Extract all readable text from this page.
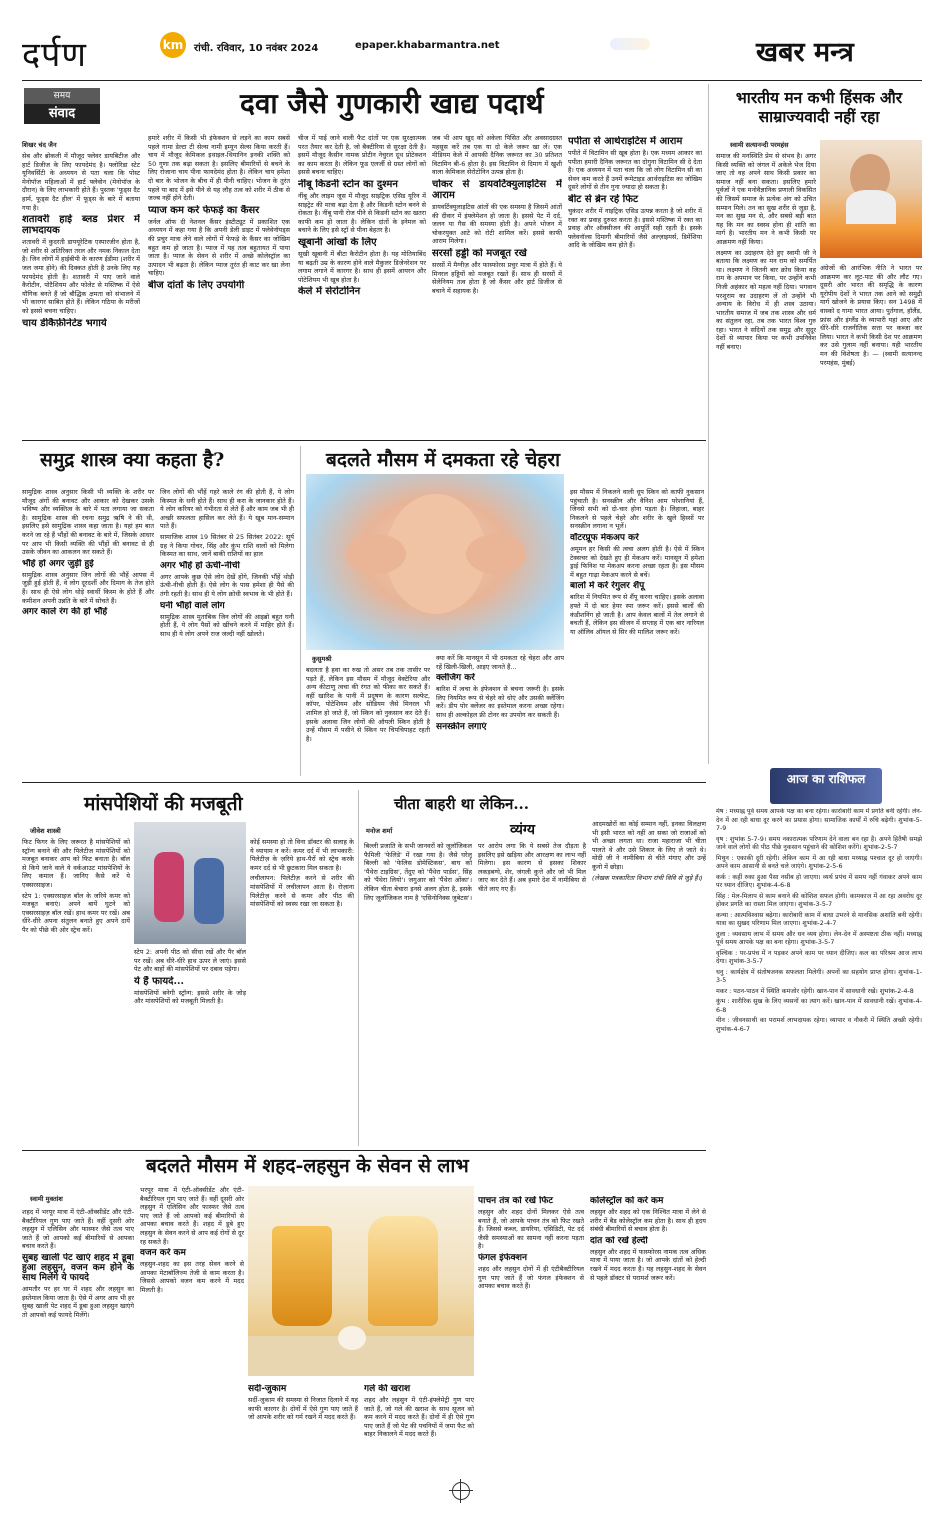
दर्पण	km रांची. रविवार, 10 नवंबर 2024	epaper.khabarmantra.net	खबर मन्त्र
समय
संवाद	दवा जैसे गुणकारी खाद्य पदार्थ
शिखर चंद जैन

सेब और ब्रोकली में मौजूद फ्लेवर डायबिटीज और हार्ट डिजीज के लिए फायदेमंद है। फ्लोरिडा स्टेट यूनिवर्सिटी के अध्ययन से पता चला कि पोस्ट मेनोपॉज महिलाओं में हार्ट फ्लेवोन (मेनोपॉज के दौरान) के लिए लाभकारी होते हैं। पुस्तक 'फूड्स दैट हार्म, फूड्स दैट हील' में फूड्स के बारे में बताया गया है।

शतावरी हाई ब्लड प्रेशर में लाभदायक

शतावरी में कुदरती डाययूरेटिक एस्पारजीन होता है, जो शरीर से अतिरिक्त तरल और नमक निकाल देता है। जिन लोगों में हाईबीपी के कारण ईडीमा (शरीर में जल जमा होने) की दिक्कत होती है उनके लिए यह फायदेमंद होती है। शतावरी में पाए जाने वाले कैरोटीन, पोटैशियम और फोलेट से मस्तिष्क में ऐसे यौगिक बनते हैं जो बौद्धिक क्षमता को संभालने में भी कारगर साबित होते हैं। लेकिन गठिया के मरीजों को इससे बचना चाहिए।

चाय डीकैफ़ीनेटेड भगाये

हमारे शरीर में किसी भी इंफेक्शन से लड़ने का काम सबसे पहले गामा डेल्टा टी सेल्स नामी इम्यून सेल्स किया करती हैं। चाय में मौजूद केमिकल इथाइल-थियानिन इनकी शक्ति को 50 गुणा तक बढ़ा सकता है। इसलिए बीमारियों से बचने के लिए रोजाना चाय पीना फायदेमंद होता है। लेकिन चाय हमेशा दो बार के भोजन के बीच में ही पीनी चाहिए। भोजन के तुरंत पहले या बाद में इसे पीने से यह लौह तत्व को शरीर में ठीक से जज्ब नहीं होने देती।

प्याज कम करे फेफड़े का कैंसर

जर्नल ऑफ दी नेशनल कैंसर इंस्टीट्यूट में प्रकाशित एक अध्ययन में कहा गया है कि अपनी डेली डाइट में फ्लेवेनॉयड्स की प्रचुर मात्रा लेने वाले लोगों में फेफड़े के कैंसर का जोखिम बहुत कम हो जाता है। प्याज में यह तत्व बहुतायत में पाया जाता है। प्याज के सेवन से शरीर में अच्छे कोलेस्ट्रॉल का उत्पादन भी बढ़ता है। लेकिन प्याज तुरंत ही काट कर खा लेना चाहिए।

बीज दांतों के लिए उपयोगी

चीज में पाई जाने वाली फैट दांतों पर एक सुरक्षात्मक परत तैयार कर देती है, जो बैक्टीरिया से सुरक्षा देती है। इसमें मौजूद कैसीन नामक प्रोटीन नेचुरल दूथ प्रोटेक्शन का काम करता है। लेकिन फूड एलर्जी से ग्रस्त लोगों को इससे बचना चाहिए।

नींबू किडनी स्टोन का दुश्मन

नींबू और लाइम जूस में मौजूद साइट्रिक एसिड यूरिन में साइट्रेट की मात्रा बढ़ा देता है और किडनी स्टोन बनने से रोकता है। नींबू पानी रोज पीने से किडनी स्टोन का खतरा काफी कम हो जाता है। लेकिन दांतों के इनेमल को बचाने के लिए इसे स्ट्रॉ से पीना बेहतर है।

खूबानी आंखों के लिए

सूखी खूबानी में बीटा कैरोटीन होता है। यह मोतियाबिंद या बढ़ती उम्र के कारण होने वाले मैकुलर डिजेनरेशन पर लगाम लगाने में कारगर है। साथ ही इसमें आयरन और पोटेशियम भी खूब होता है।

केले में सेरोटोनिन

जब भी आप खुद को अकेला पिसित और अवसादग्रस्त महसूस करें तब एक या दो केले जरूर खा लें। एक मीडियम केले में आपकी दैनिक जरूरत का 30 प्रतिशत विटामिन बी-6 होता है। इस विटामिन से दिमाग में खुशी वाला केमिकल सेरोटोनिन उत्पन्न होता है।

चोकर से डायवर्टिक्युलाइटिस में आराम

डायवर्टिक्युलाइटिस आंतों की एक समस्या है जिसमें आंतों की दीवार में इंफ्लेमेशन हो जाता है। इससे पेट में दर्द, जलन या गैस की समस्या होती है। अपने भोजन में चोकरयुक्त आटे को रोटी शामिल करें। इससे काफी आराम मिलेगा।

सरसों हड्डी को मजबूत रखे

सरसों में मैग्नीज़ और फास्फोरस प्रचुर मात्रा में होते हैं। ये मिनरल हड्डियों को मजबूत रखते हैं। साथ ही सरसों में सेलेनियम तत्व होता है जो कैंसर और हार्ट डिजीज से बचाने में सहायक है।

पपीता से आर्थराइटिस में आराम

पपीते में विटामिन सी खूब होता है। एक मध्यम आकार का पपीता हमारी दैनिक जरूरत का दोगुना विटामिन सी दे देता है। एक अध्ययन में पता चला कि जो लोग विटामिन सी का सेवन कम करते हैं उनमें रूमेटाइड आर्थराइटिस का जोखिम दूसरे लोगों से तीन गुना ज्यादा हो सकता है।

बीट से ब्रेन रहे फिट

चुकंदर शरीर में नाइट्रिक एसिड उत्पन्न करता है जो शरीर में रक्त का प्रवाह दुरुस्त करता है। इससे मस्तिष्क में रक्त का प्रवाह और ऑक्सीजन की आपूर्ति सही रहती है। इसके फ्लेवनॉल्स दिमागी बीमारियों जैसे अल्ज़ाइमर्स, डिमेंशिया आदि के जोखिम कम होते हैं।

भारतीय मन कभी हिंसक और साम्राज्यवादी नहीं रहा
स्वामी सत्यानन्दी परमहंस

समाज की मनस्थिति प्रेम से संभव है। अगर किसी व्यक्ति को जंगल में अकेले भेज दिया जाए तो वह अपने साथ किसी प्रकार का समाज नहीं बना सकता। इसलिए हमारे पूर्वजों ने एक मनोवैज्ञानिक प्रणाली विकसित की जिसमें समाज के प्रत्येक अंग को उचित सम्मान मिले। तन का सुख शरीर से जुड़ा है, मन का सुख मन से, और सबसे बड़ी बात यह कि मन का स्वस्थ होना ही शांति का मार्ग है। भारतीय मन ने कभी किसी पर आक्रमण नहीं किया।

लक्ष्मण का उदाहरण देते हुए स्वामी जी ने बताया कि लक्ष्मण का मन राम को समर्पित था। लक्ष्मण ने जितनी बार क्रोध किया वह राम के अपमान पर किया, पर उन्होंने कभी निजी अहंकार को महत्व नहीं दिया। भगवान परशुराम का उदाहरण लें तो उन्होंने भी अन्याय के विरोध में ही शस्त्र उठाया। भारतीय समाज में जब तक शास्त्र और धर्म का संतुलन रहा, तब तक भारत विश्व गुरु रहा। भारत ने सदियों तक समुद्र और सुदूर देशों से व्यापार किया पर कभी उपनिवेश नहीं बनाए।

अंग्रेजों की आरंभिक नीति ने भारत पर आक्रमण कर लूट-पाट की और लौट गए। दूसरी ओर भारत की समृद्धि के कारण यूरोपीय देशों ने भारत तक आने को समुद्री मार्ग खोजने के प्रयास किए। सन 1498 में वास्को द गामा भारत आया। पुर्तगाल, हॉलैंड, फ्रांस और इंग्लैंड के व्यापारी यहां आए और धीरे-धीरे राजनीतिक सत्ता पर कब्जा कर लिया। भारत ने कभी किसी देश पर आक्रमण कर उसे गुलाम नहीं बनाया। यही भारतीय मन की विशेषता है। — (स्वामी सत्यानन्द परमहंस, मुंबई)

समुद्र शास्त्र क्या कहता है?

सामुद्रिक शास्त्र अनुसार किसी भी व्यक्ति के शरीर पर मौजूद अंगों की बनावट और आकार को देखकर उसके भविष्य और व्यक्तित्व के बारे में पता लगाया जा सकता है। सामुद्रिक शास्त्र की रचना समुद्र ऋषि ने की थी, इसलिए इसे सामुद्रिक शास्त्र कहा जाता है। यहां हम बात करने जा रहे हैं भौंहों की बनावट के बारे में, जिसके आधार पर आप भी किसी व्यक्ति की भौंहों की बनावट से ही उसके जीवन का आकलन कर सकते हैं।

भौंहें हों अगर जुड़ी हुई

सामुद्रिक शास्त्र अनुसार जिन लोगों की भौहें आपस में जुड़ी हुई होती हैं, वे लोग दूरदर्शी और दिमाग के तेज होते हैं। साथ ही ऐसे लोग थोड़े स्वार्थी किस्म के होते हैं और कमीशन अपनी उन्नति के बारे में सोचते हैं।

अगर काले रंग की हों भौंहें

जिन लोगों की भौंहें गहरे काले रंग की होती हैं, ये लोग किस्मत के धनी होते हैं। साथ ही करा के जानकार होते हैं। ये लोग करियर को गंभीरता से लेते हैं और काम जब भी ही अच्छी सफलता हासिल कर लेते हैं। ये खूब मान-सम्मान पाते हैं।

सामाजिक शास्त्र 19 सितंबर से 25 सितंबर 2022: सूर्य ग्रह ने किया गोचर, सिंह और कुंभ राशि वालों को मिलेगा किस्मत का साथ, जानें बाकी राशियों का हाल

अगर भौंहें हों ऊंची-नीची

अगर आपके कुछ ऐसे लोग देखें होंगे, जिनकी भौंहें थोड़ी ऊंची-नीची होती हैं। ऐसे लोग के पास हमेशा ही पैसे की तंगी रहती है। साथ ही ये लोग क्रोधी स्वभाव के भी होते हैं।

घनी भौंहों वाले लोग

सामुद्रिक शास्त्र मुताबिक जिन लोगों की आइब्रो बहुत घनी होती हैं, ये लोग पैसों को खींचने करने में माहिर होते हैं। साथ ही ये लोग अपने राज जल्दी नहीं खोलते।

बदलते मौसम में दमकता रहे चेहरा
कुसुमश्री

बदलता है हवा का रुख तो असर तब तक तासीर पर पड़ते हैं, लेकिन इस मौसम में मौजूद वेक्टेरिया और अन्य कीटाणु त्वचा की रंगत को फीका कर सकते हैं। वहीं खारिश के पानी में प्रदूषण के कारण सल्फेट, कॉपर, पोटेशियम और सोडियम जैसे मिनरल भी शामिल हो जाते हैं, जो स्किन को नुकसान कर देते हैं। इसके अलावा जिन लोगों की ऑयली स्किन होती है उन्हें मौसम में पसीने से स्किन पर चिपचिपाहट रहती है।

क्या करें कि मानसून में भी दमकता रहे चेहरा और आप रहें खिली-खिली, आइए जानते हैं...

क्लेंजिंग करें

बारिश में त्वचा के इंफेक्शन से बचना जरूरी है। इसके लिए नियमित रूप से चेहरे को धोएं और उसकी क्लेंजिंग करें। डीप पोर क्लेंजर का इस्तेमाल करना अच्छा रहेगा। साथ ही अल्कोहल फ्री टोनर का उपयोग कर सकती हैं।

सनस्क्रीन लगाएं

इस मौसम में निकलने वाली धूप स्किन को काफी नुकसान पहुंचाती है। सनस्क्रीन और वैनिश आम परेशानियां हैं, जिनसे सभी को दो-चार होना पड़ता है। लिहाजा, बाहर निकलने से पहले चेहरे और शरीर के खुले हिस्सों पर सनस्क्रीन लगाना न भूलें।

वॉटरप्रूफ मेकअप करें

अमूमन हर किसी की त्वचा अलग होती है। ऐसे में स्किन टेक्सचर को देखते हुए ही मेकअप करें। मानसून में हमेशा ड्राई फिनिश या मेकअप करना अच्छा रहता है। इस मौसम में बहुत गाढ़ा मेकअप करने से बचें।

बालों में करें रेगुलर शैंपू

बारिश में नियमित रूप से शैंपू करना चाहिए। इसके अलावा हफ्ते में दो बार हेयर स्पा जरूर करें। इससे बालों की कंडीशनिंग हो जाती है। आप केवल बालों में तेल लगाने से बचती हैं, लेकिन इस सीजन में सप्ताह में एक बार नारियल या ऑलिव ऑयल से सिर की मालिश जरूर करें।

आज का राशिफल

मेष : मध्याह्न पूर्व समय आपके पक्ष का बना रहेगा। कारोबारी काम में प्रगति बनी रहेगी। लेन-देन में आ रही बाधा दूर करने का प्रयास होगा। सामाजिक कार्यों में रुचि बढ़ेगी। शुभांक-5-7-9

वृष : शुभांक 5-7-9। समय नकारात्मक परिणाम देने वाला बन रहा है। अपने हितैषी समझे जाने वाले लोगों की पीठ पीछे नुकसान पहुंचाने की कोशिश करेंगे। शुभांक-2-5-7

मिथुन : एकाकी दूरी रहेगी। लेकिन काम में आ रही बाधा मध्याह्न पश्चात दूर हो जाएगी। अपने काम आसानी से बनते चले जाएंगे। शुभांक-2-5-6

कर्क : कहीं रुका हुआ पैसा नसीब हो जाएगा। व्यर्थ प्रपंच में समय नहीं गंवाकर अपने काम पर ध्यान दीजिए। शुभांक-4-6-8

सिंह : मेल-मिलाप से काम बनाने की कोशिश सफल होगी। कामकाज में आ रहा अवरोध दूर होकर प्रगति का रास्ता मिल जाएगा। शुभांक-3-5-7

कन्या : आत्मविश्वास बढ़ेगा। कारोबारी काम में बाधा उभरने से मानसिक अशांति बनी रहेगी। यात्रा का सुखद परिणाम मिल जाएगा। शुभांक-2-4-7

तुला : व्यवसाय लाभ में समय और धन व्यय होगा। लेन-देन में अस्पष्टता ठीक नहीं। मध्याह्न पूर्व समय आपके पक्ष का बना रहेगा। शुभांक-3-5-7

वृश्चिक : पर-प्रपंच में न पड़कर अपने काम पर ध्यान दीजिए। कल का परिश्रम आज लाभ देगा। शुभांक-3-5-7

धनु : कार्यक्षेत्र में संतोषजनक सफलता मिलेगी। अपनों का सहयोग प्राप्त होगा। शुभांक-1-3-5

मकर : पठन-पाठन में स्थिति कमजोर रहेगी। खान-पान में सावधानी रखें। शुभांक-2-4-8

कुंभ : शारीरिक सुख के लिए व्यसनों का त्याग करें। खान-पान में सावधानी रखें। शुभांक-4-6-8

मीन : जीवनसाथी का परामर्श लाभदायक रहेगा। व्यापार व नौकरी में स्थिति अच्छी रहेगी। शुभांक-4-6-7

मांसपेशियों की मजबूती
जीवेश शास्त्री

फिट फिगर के लिए जरूरत है मांसपेशियों को स्ट्रॉन्ग बनाने की और पिलेटीज मांसपेशियों को मजबूत बनाकर आप को फिट बनाता है। बॉल से किये जाने वाले ये वर्कआउट मांसपेशियों के लिए कमाल हैं। जानिए कैसे करें ये एक्सरसाइज।

स्टेप 1: एक्सरसाइज बॉल के जरिये कमर को मजबूत बनाएं। अपने बायें घुटने को एक्सरसाइज़ बॉल रखें। हाथ कमर पर रखें। अब धीरे-धीरे अपना संतुलन बनाते हुए अपने दायें पैर को पीछे की ओर स्ट्रेच करें।

स्टेप 2: अपनी पीठ को सीधा रखें और पैर बॉल पर रखें। अब धीरे-धीरे हाथ ऊपर ले जाएं। इससे पेट और बाहों की मांसपेशियों पर दबाव पड़ेगा।

ये हैं फायदे...

मांसपेशियों बनेगी स्ट्रॉन्ग: इससे शरीर के जोड़ और मांसपेशियों को मजबूती मिलती है।

कोई समस्या हो तो विना डॉक्टर की सलाह के ये व्यायाम न करें। कमर दर्द में भी लाभकारी: पिलेटीज़ के ज़रिये हाथ-पैरों को स्ट्रेच करके कमर दर्द से भी छुटकारा मिल सकता है।

लचीलापन: पिलेटीज़ करने से शरीर की मांसपेशियों में लचीलापन आता है। रोज़ाना पिलेटीज़ करने से कमर और पीठ की मांसपेशियों को स्वस्थ रखा जा सकता है।

चीता बाहरी था लेकिन...
मनोज शर्मा	व्यंग्य

बिल्ली प्रजाति के सभी जानवरों को जूलॉजिकल फैमिली 'फेलिडे' में रखा गया है। जैसे घरेलू बिल्ली को 'फेलिस डोमेस्टिकस', बाघ को 'पैंथेरा टाइग्रिस', तेंदुए को 'पैंथेरा पार्डस', सिंह को 'पैंथेरा लियो'। जगुआर को 'पैंथेरा ओंका'। लेकिन चीता बेचारा इनसे अलग होता है, इसके लिए जूलॉजिकल नाम है 'एसिनोनिक्स जुबेटस'।

पर आरोप लगा कि ये सबसे तेज दौड़ता है इसलिए इसे खड़िया और आरक्षण का लाभ नहीं मिलेगा। इस कारण से इसका शिकार लकड़बग्घे, शेर, जंगली कुत्ते और जो भी मिल जाए कर देते हैं। अब हमारे देश में नामीबिया से चीते लाए गए हैं।

आदमखोरों का कोई सम्मान नहीं, इनका विलक्षण भी इसी भारत को नहीं आ सका जो राजाओं को भी अच्छा लगता था। राजा महाराजा भी चीता पालते थे और उसे शिकार के लिए ले जाते थे। मोदी जी ने नामीबिया से चीते मंगाए और उन्हें कूनो में छोड़ा।

(लेखक पत्रकारिता विभाग रांची विवि से जुड़े हैं।)

बदलते मौसम में शहद-लहसुन के सेवन से लाभ
स्वामी मुक्तांश

शहद में भरपूर मात्रा में एंटी-ऑक्सीडेंट और एंटी-बैक्टीरियल गुण पाए जाते हैं। वहीं दूसरी ओर लहसुन में एलिसिन और फास्फर जैसे तत्व पाए जाते हैं जो आपको कई बीमारियों से आपका बचाव करते हैं।

सुबह खाली पेट खाएं शहद में डूबा हुआ लहसुन, वजन कम होने के साथ मिलेंगे ये फायदे

आमतौर पर हर घर में शहद और लहसुन का इस्तेमाल किया जाता है। ऐसे में अगर आप भी हर सुबह खाली पेट शहद में डूबा हुआ लहसुन खाएंगे तो आपको कई फायदे मिलेंगे।

भरपूर मात्रा में एंटी-ऑक्सीडेंट और एंटी-बैक्टीरियल गुण पाए जाते हैं। वहीं दूसरी ओर लहसुन में एलिसिन और फास्फर जैसे तत्व पाए जाते हैं जो आपको कई बीमारियों से आपका बचाव करते हैं। शहद में डूबे हुए लहसुन के सेवन करने से आप कई रोगों से दूर रह सकते हैं।

वजन करे कम

लहसुन-शहद का इस तरह सेवन करने से आपका मेटाबॉलिज्म तेजी से काम करता है। जिससे आपको वजन कम करने में मदद मिलती है।

सर्दी-जुकाम

सर्दी-जुकाम की समस्या से निजात दिलाने में यह काफी कारगर है। दोनों में ऐसे गुण पाए जाते हैं जो आपके शरीर को गर्म रखने में मदद करते हैं।

गले की खराश

शहद और लहसुन में एंटी-इंफ्लेमेट्री गुण पाए जाते हैं, जो गले की खराश के साथ सूजन को कम करने में मदद करते हैं। दोनों में ही ऐसे गुण पाए जाते हैं जो पेट की पचनियों में जमा फैट को बाहर निकालने में मदद करते हैं।

पाचन तंत्र को रखें फिट

लहसुन और शहद दोनों मिलकर ऐसे तत्व बनाते हैं, जो आपके पाचन तंत्र को फिट रखते हैं। जिससे कब्ज, डायरिया, एसिडिटी, पेट दर्द जैसी समस्याओं का सामना नहीं करना पड़ता है।

फंगल इंफेक्शन

शहद और लहसुन दोनों में ही एंटीबैक्टीरियल गुण पाए जाते हैं जो फंगल इंफेक्शन से आपका बचाव करते हैं।

कोलेस्ट्रॉल को करे कम

लहसुन और शहद को एक निश्चित मात्रा में लेने से शरीर में बैड कोलेस्ट्रॉल कम होता है। साथ ही हृदय संबंधी बीमारियों से बचाव होता है।

दांत को रखें हेल्दी

लहसुन और शहद में फास्फोरस नामक तत्व अधिक मात्रा में पाया जाता है। जो आपके दांतों को हेल्दी रखने में मदद करता है। यह लहसुन-शहद के सेवन से पहले डॉक्टर से परामर्श जरूर करें।
